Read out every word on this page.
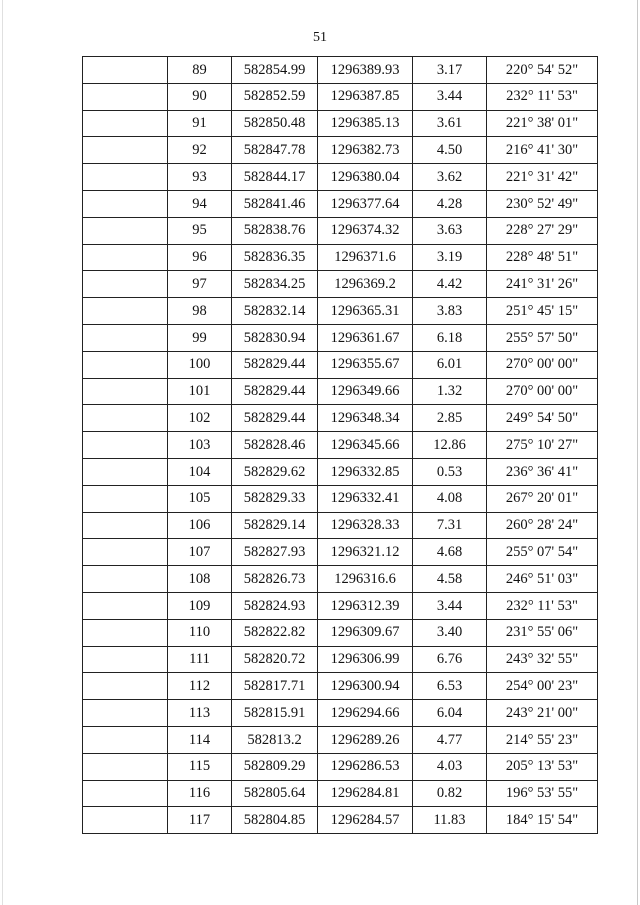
51
	89	582854.99	1296389.93	3.17	220° 54' 52"
	90	582852.59	1296387.85	3.44	232° 11' 53"
	91	582850.48	1296385.13	3.61	221° 38' 01"
	92	582847.78	1296382.73	4.50	216° 41' 30"
	93	582844.17	1296380.04	3.62	221° 31' 42"
	94	582841.46	1296377.64	4.28	230° 52' 49"
	95	582838.76	1296374.32	3.63	228° 27' 29"
	96	582836.35	1296371.6	3.19	228° 48' 51"
	97	582834.25	1296369.2	4.42	241° 31' 26"
	98	582832.14	1296365.31	3.83	251° 45' 15"
	99	582830.94	1296361.67	6.18	255° 57' 50"
	100	582829.44	1296355.67	6.01	270° 00' 00"
	101	582829.44	1296349.66	1.32	270° 00' 00"
	102	582829.44	1296348.34	2.85	249° 54' 50"
	103	582828.46	1296345.66	12.86	275° 10' 27"
	104	582829.62	1296332.85	0.53	236° 36' 41"
	105	582829.33	1296332.41	4.08	267° 20' 01"
	106	582829.14	1296328.33	7.31	260° 28' 24"
	107	582827.93	1296321.12	4.68	255° 07' 54"
	108	582826.73	1296316.6	4.58	246° 51' 03"
	109	582824.93	1296312.39	3.44	232° 11' 53"
	110	582822.82	1296309.67	3.40	231° 55' 06"
	111	582820.72	1296306.99	6.76	243° 32' 55"
	112	582817.71	1296300.94	6.53	254° 00' 23"
	113	582815.91	1296294.66	6.04	243° 21' 00"
	114	582813.2	1296289.26	4.77	214° 55' 23"
	115	582809.29	1296286.53	4.03	205° 13' 53"
	116	582805.64	1296284.81	0.82	196° 53' 55"
	117	582804.85	1296284.57	11.83	184° 15' 54"
